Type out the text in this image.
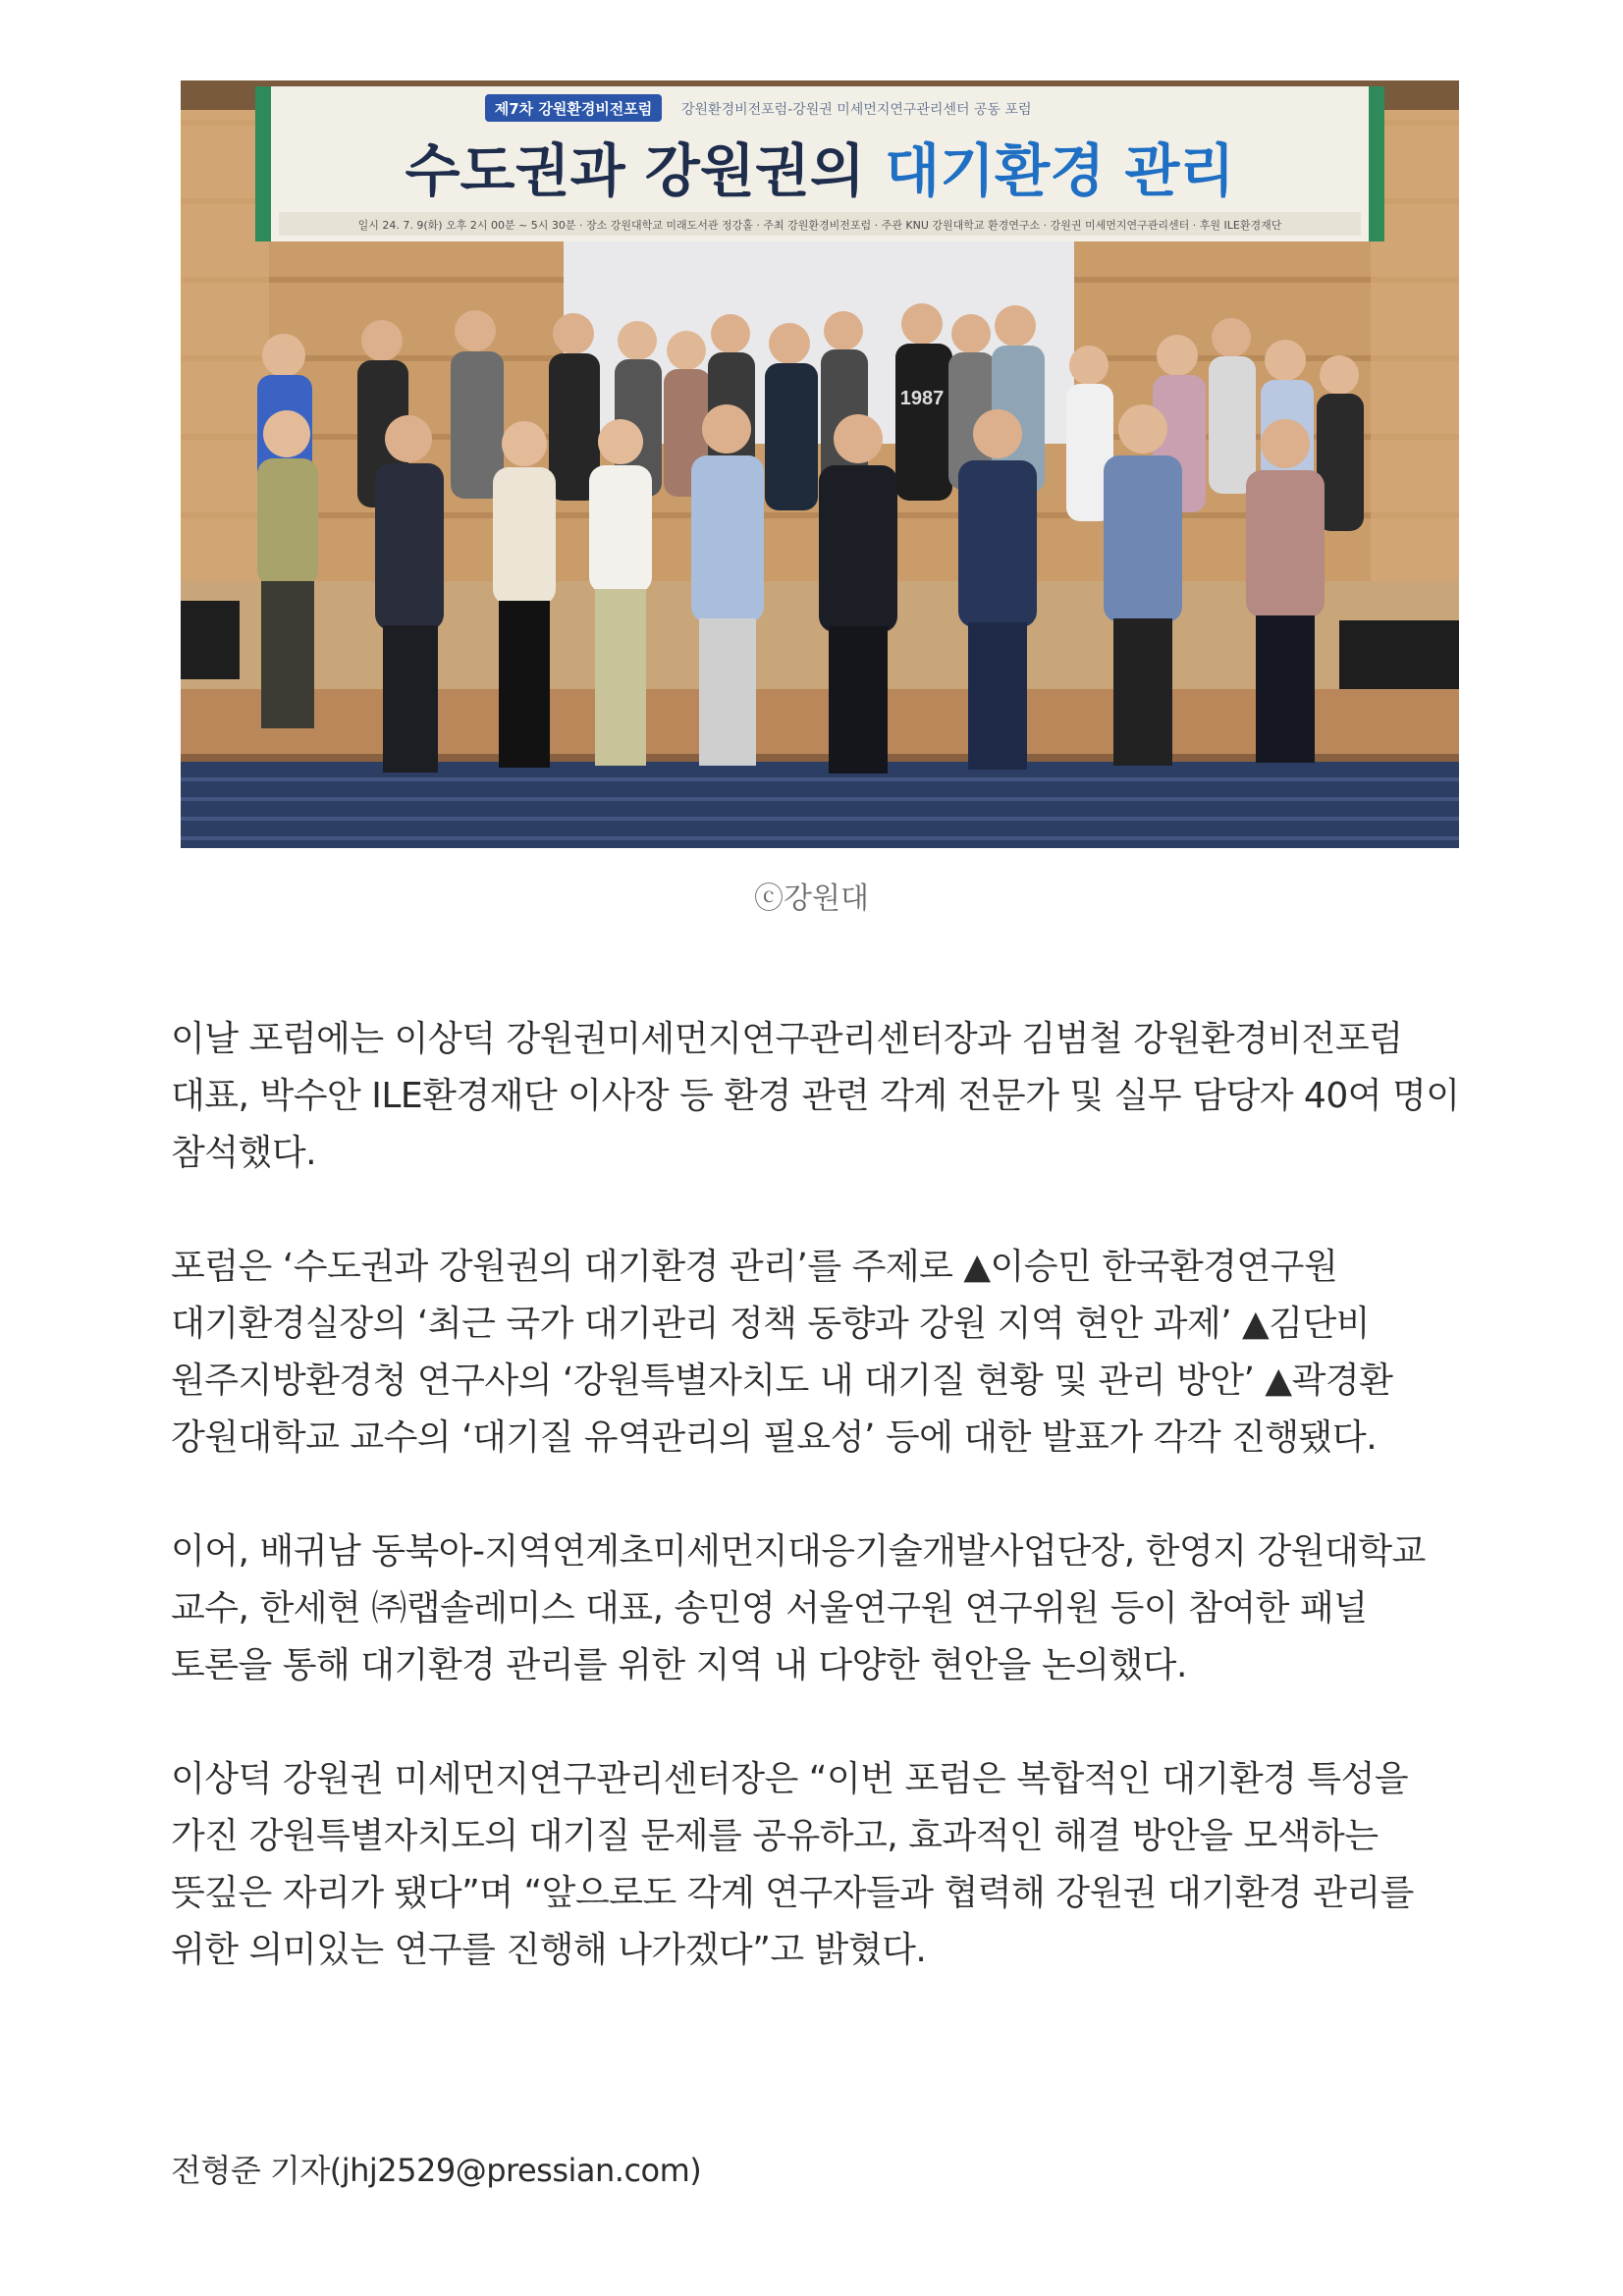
1987
제7차 강원환경비전포럼 강원환경비전포럼-강원권 미세먼지연구관리센터 공동 포럼
수도권과 강원권의 대기환경 관리
일시 24. 7. 9(화) 오후 2시 00분 ~ 5시 30분 · 장소 강원대학교 미래도서관 정강홀 · 주최 강원환경비전포럼 · 주관 KNU 강원대학교 환경연구소 · 강원권 미세먼지연구관리센터 · 후원 ILE환경재단
ⓒ강원대

이날 포럼에는 이상덕 강원권미세먼지연구관리센터장과 김범철 강원환경비전포럼 대표, 박수안 ILE환경재단 이사장 등 환경 관련 각계 전문가 및 실무 담당자 40여 명이 참석했다.

포럼은 ‘수도권과 강원권의 대기환경 관리’를 주제로 ▲이승민 한국환경연구원 대기환경실장의 ‘최근 국가 대기관리 정책 동향과 강원 지역 현안 과제’ ▲김단비 원주지방환경청 연구사의 ‘강원특별자치도 내 대기질 현황 및 관리 방안’ ▲곽경환 강원대학교 교수의 ‘대기질 유역관리의 필요성’ 등에 대한 발표가 각각 진행됐다.

이어, 배귀남 동북아-지역연계초미세먼지대응기술개발사업단장, 한영지 강원대학교 교수, 한세현 ㈜랩솔레미스 대표, 송민영 서울연구원 연구위원 등이 참여한 패널 토론을 통해 대기환경 관리를 위한 지역 내 다양한 현안을 논의했다.

이상덕 강원권 미세먼지연구관리센터장은 “이번 포럼은 복합적인 대기환경 특성을 가진 강원특별자치도의 대기질 문제를 공유하고, 효과적인 해결 방안을 모색하는 뜻깊은 자리가 됐다”며 “앞으로도 각계 연구자들과 협력해 강원권 대기환경 관리를 위한 의미있는 연구를 진행해 나가겠다”고 밝혔다.

전형준 기자(jhj2529@pressian.com)
